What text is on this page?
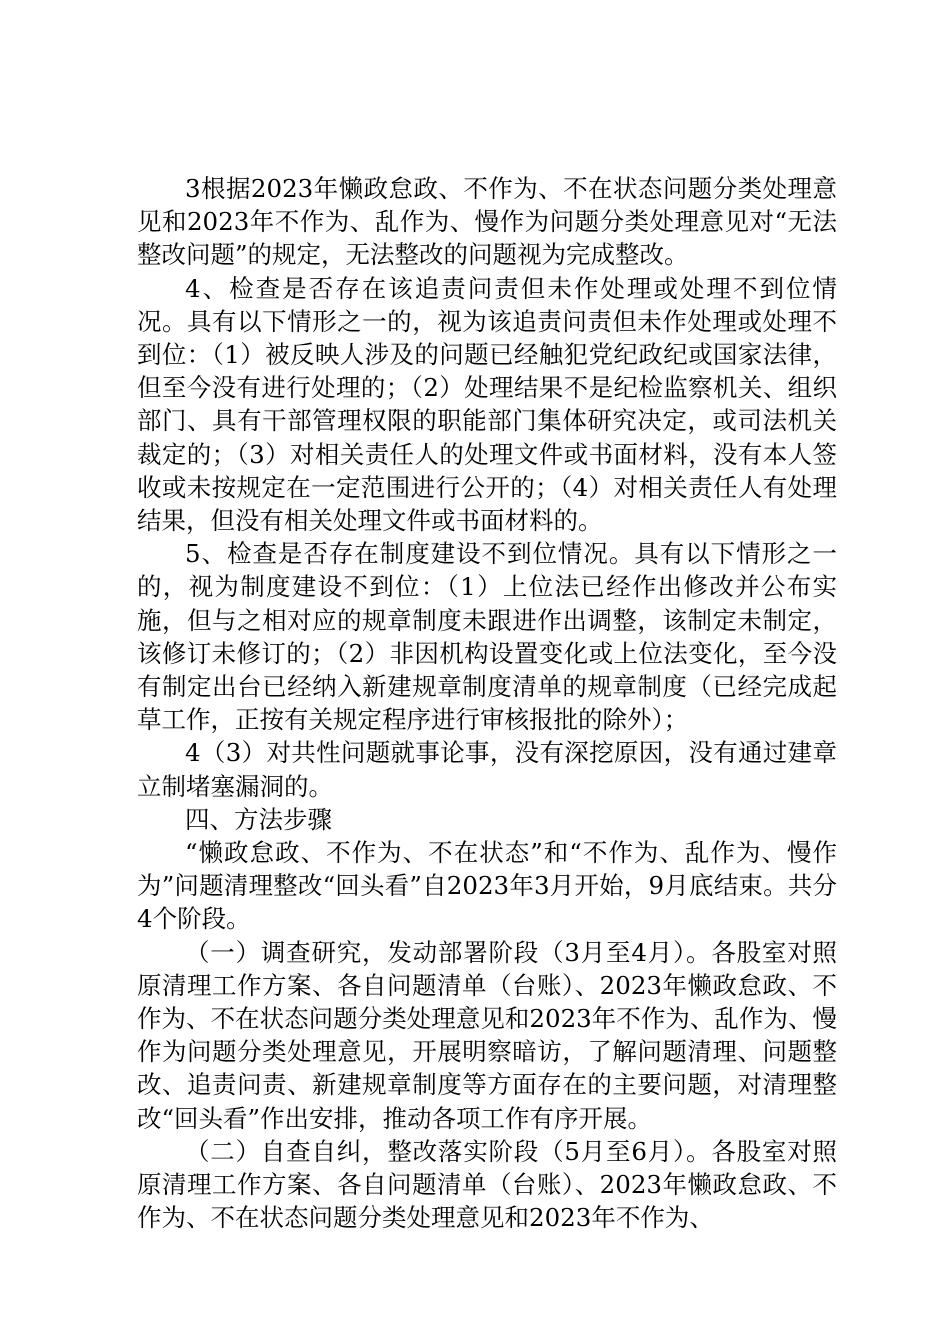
3根据2023年懒政怠政、不作为、不在状态问题分类处理意见和2023年不作为、乱作为、慢作为问题分类处理意见对“无法整改问题”的规定，无法整改的问题视为完成整改。

4、检查是否存在该追责问责但未作处理或处理不到位情况。具有以下情形之一的，视为该追责问责但未作处理或处理不到位：（1）被反映人涉及的问题已经触犯党纪政纪或国家法律，但至今没有进行处理的；（2）处理结果不是纪检监察机关、组织部门、具有干部管理权限的职能部门集体研究决定，或司法机关裁定的；（3）对相关责任人的处理文件或书面材料，没有本人签收或未按规定在一定范围进行公开的；（4）对相关责任人有处理结果，但没有相关处理文件或书面材料的。

5、检查是否存在制度建设不到位情况。具有以下情形之一的，视为制度建设不到位：（1）上位法已经作出修改并公布实施，但与之相对应的规章制度未跟进作出调整，该制定未制定，该修订未修订的；（2）非因机构设置变化或上位法变化，至今没有制定出台已经纳入新建规章制度清单的规章制度（已经完成起草工作，正按有关规定程序进行审核报批的除外）；

4（3）对共性问题就事论事，没有深挖原因，没有通过建章立制堵塞漏洞的。

四、方法步骤

“懒政怠政、不作为、不在状态”和“不作为、乱作为、慢作为”问题清理整改“回头看”自2023年3月开始，9月底结束。共分4个阶段。

（一）调查研究，发动部署阶段（3月至4月）。各股室对照原清理工作方案、各自问题清单（台账）、2023年懒政怠政、不作为、不在状态问题分类处理意见和2023年不作为、乱作为、慢作为问题分类处理意见，开展明察暗访，了解问题清理、问题整改、追责问责、新建规章制度等方面存在的主要问题，对清理整改“回头看”作出安排，推动各项工作有序开展。

（二）自查自纠，整改落实阶段（5月至6月）。各股室对照原清理工作方案、各自问题清单（台账）、2023年懒政怠政、不作为、不在状态问题分类处理意见和2023年不作为、
